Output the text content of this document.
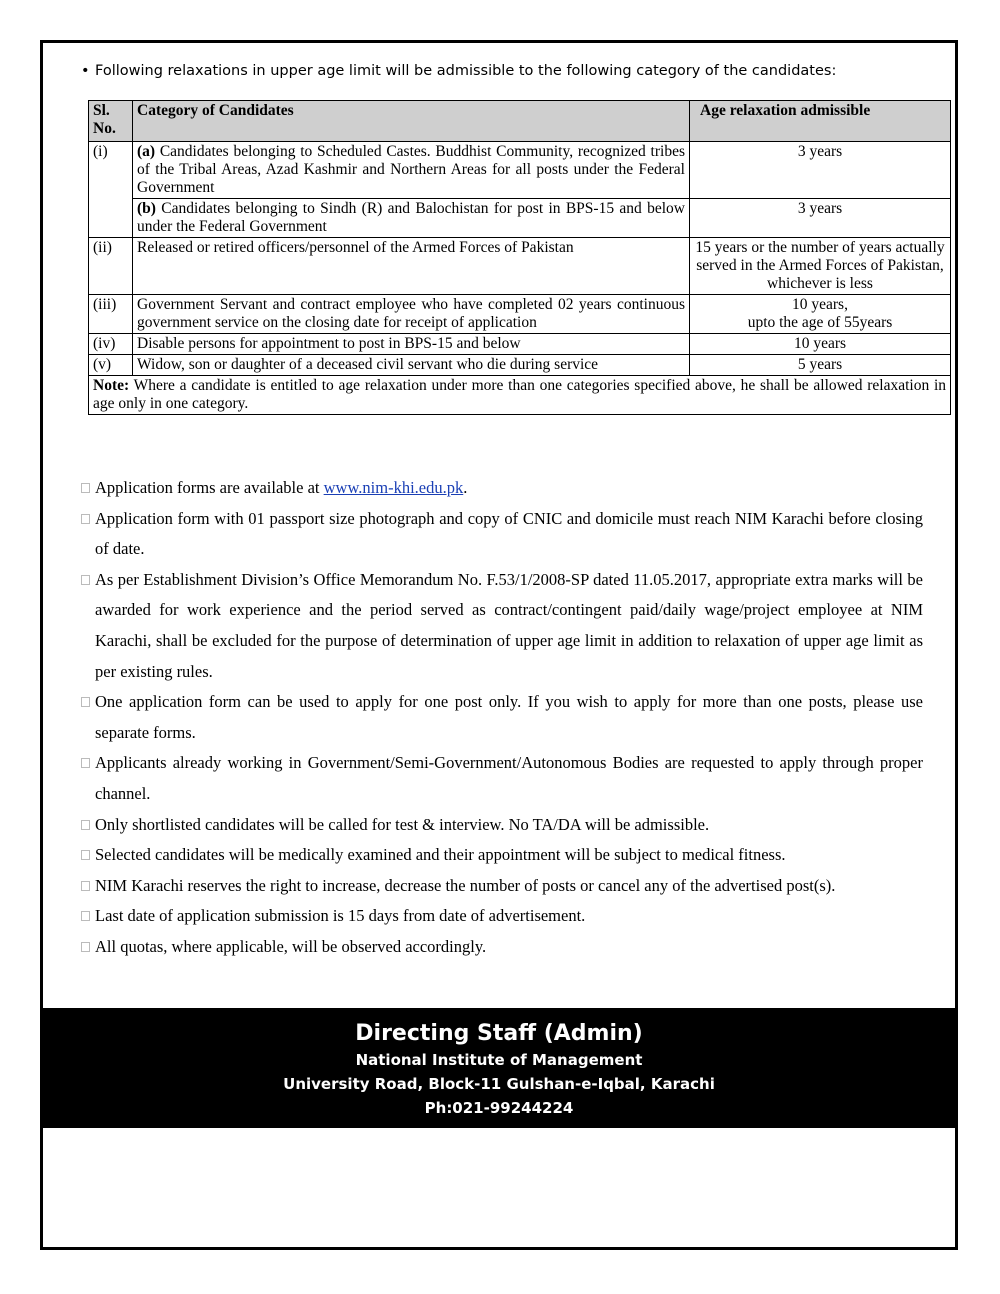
• Following relaxations in upper age limit will be admissible to the following category of the candidates:
Sl. No.	Category of Candidates	Age relaxation admissible
(i)	(a) Candidates belonging to Scheduled Castes. Buddhist Community, recognized tribes of the Tribal Areas, Azad Kashmir and Northern Areas for all posts under the Federal Government	3 years
	(b) Candidates belonging to Sindh (R) and Balochistan for post in BPS-15 and below under the Federal Government	3 years
(ii)	Released or retired officers/personnel of the Armed Forces of Pakistan	15 years or the number of years actually served in the Armed Forces of Pakistan, whichever is less
(iii)	Government Servant and contract employee who have completed 02 years continuous government service on the closing date for receipt of application	10 years,
upto the age of 55years

(iv)	Disable persons for appointment to post in BPS-15 and below	10 years
(v)	Widow, son or daughter of a deceased civil servant who die during service	5 years
Note: Where a candidate is entitled to age relaxation under more than one categories specified above, he shall be allowed relaxation in age only in one category.		
Application forms are available at www.nim-khi.edu.pk.
Application form with 01 passport size photograph and copy of CNIC and domicile must reach NIM Karachi before closing of date.
As per Establishment Division’s Office Memorandum No. F.53/1/2008-SP dated 11.05.2017, appropriate extra marks will be awarded for work experience and the period served as contract/contingent paid/daily wage/project employee at NIM Karachi, shall be excluded for the purpose of determination of upper age limit in addition to relaxation of upper age limit as per existing rules.
One application form can be used to apply for one post only. If you wish to apply for more than one posts, please use separate forms.
Applicants already working in Government/Semi-Government/Autonomous Bodies are requested to apply through proper channel.
Only shortlisted candidates will be called for test & interview. No TA/DA will be admissible.
Selected candidates will be medically examined and their appointment will be subject to medical fitness.
NIM Karachi reserves the right to increase, decrease the number of posts or cancel any of the advertised post(s).
Last date of application submission is 15 days from date of advertisement.
All quotas, where applicable, will be observed accordingly.
Directing Staff (Admin)
National Institute of Management
University Road, Block-11 Gulshan-e-Iqbal, Karachi
Ph:021-99244224
